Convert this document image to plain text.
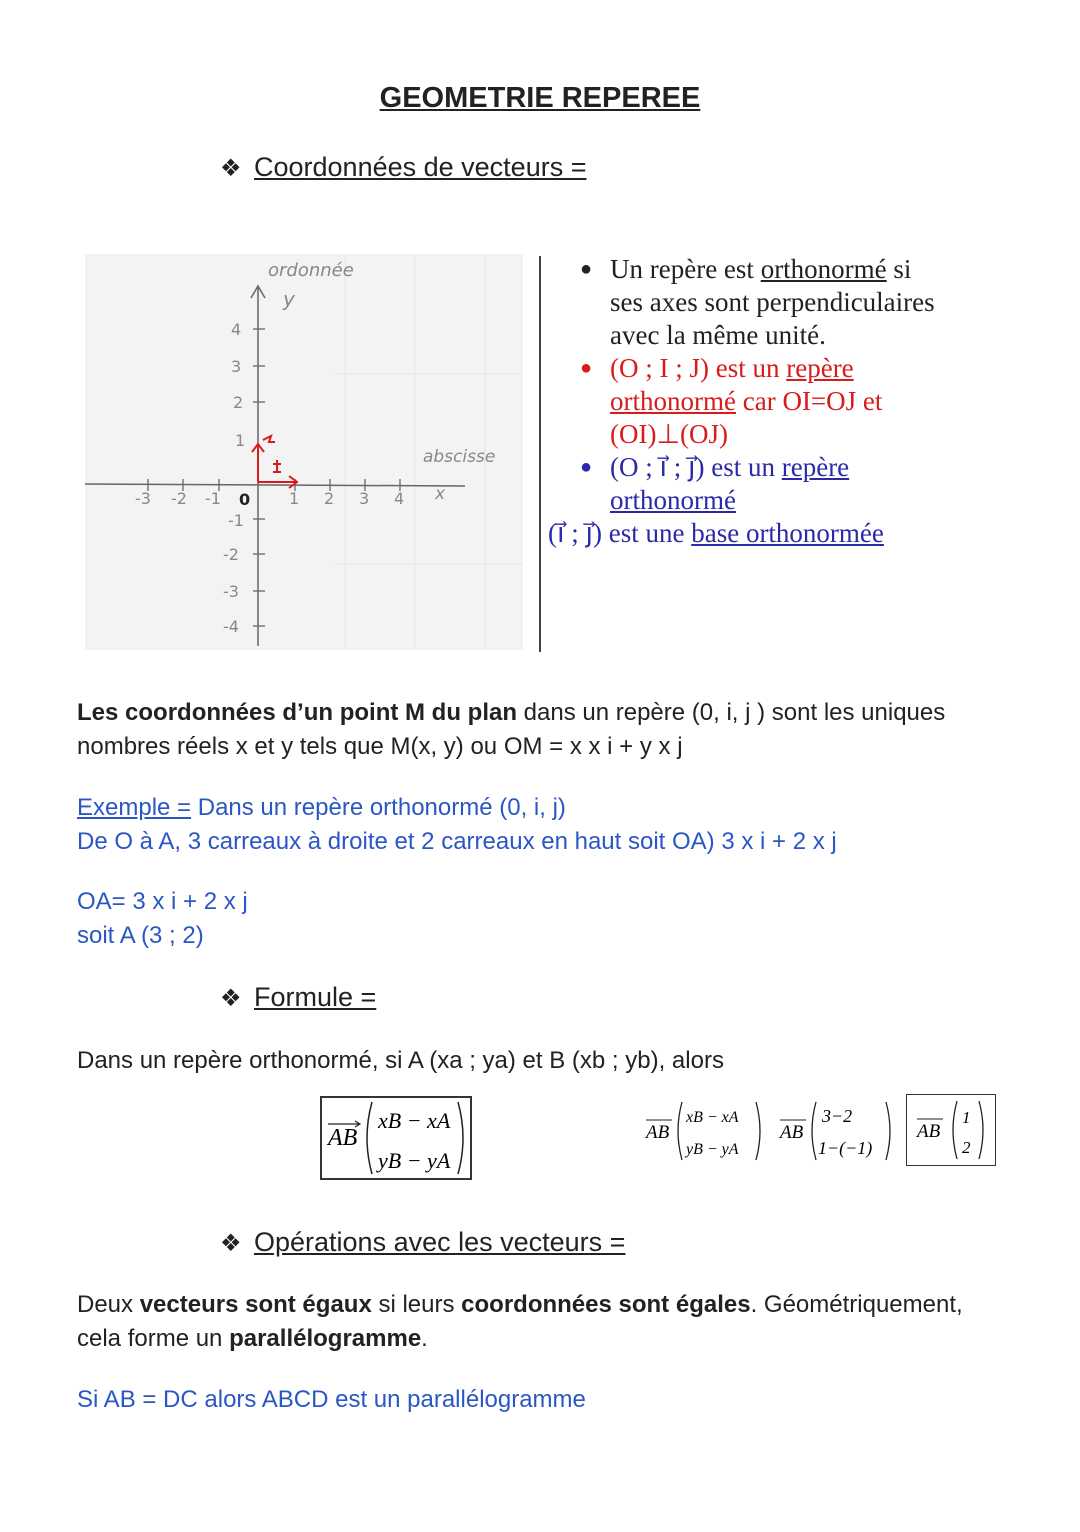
GEOMETRIE REPEREE
❖ Coordonnées de vecteurs =
ordonnée
y
abscisse
x
4
3
2
1
-1
-2
-3
-4
-3 -2 -1 0 1 2 3 4
● Un repère est orthonormé si
ses axes sont perpendiculaires
avec la même unité.
● (O ; I ; J) est un repère
orthonormé car OI=OJ et
(OI)⊥(OJ)
● (O ; i⃗ ; j⃗) est un repère
orthonormé
(i⃗ ; j⃗) est une base orthonormée
Les coordonnées d’un point M du plan dans un repère (0, i, j ) sont les uniques
nombres réels x et y tels que M(x, y) ou OM = x x i + y x j
Exemple = Dans un repère orthonormé (0, i, j)
De O à A, 3 carreaux à droite et 2 carreaux en haut soit OA) 3 x i + 2 x j
OA= 3 x i + 2 x j
soit A (3 ; 2)
❖ Formule =
Dans un repère orthonormé, si A (xa ; ya) et B (xb ; yb), alors
AB
xB − xA
yB − yA
AB
xB − xA
yB − yA
AB
3−2
1−(−1)
AB
1
2
❖ Opérations avec les vecteurs =
Deux vecteurs sont égaux si leurs coordonnées sont égales. Géométriquement,
cela forme un parallélogramme.
Si AB = DC alors ABCD est un parallélogramme
